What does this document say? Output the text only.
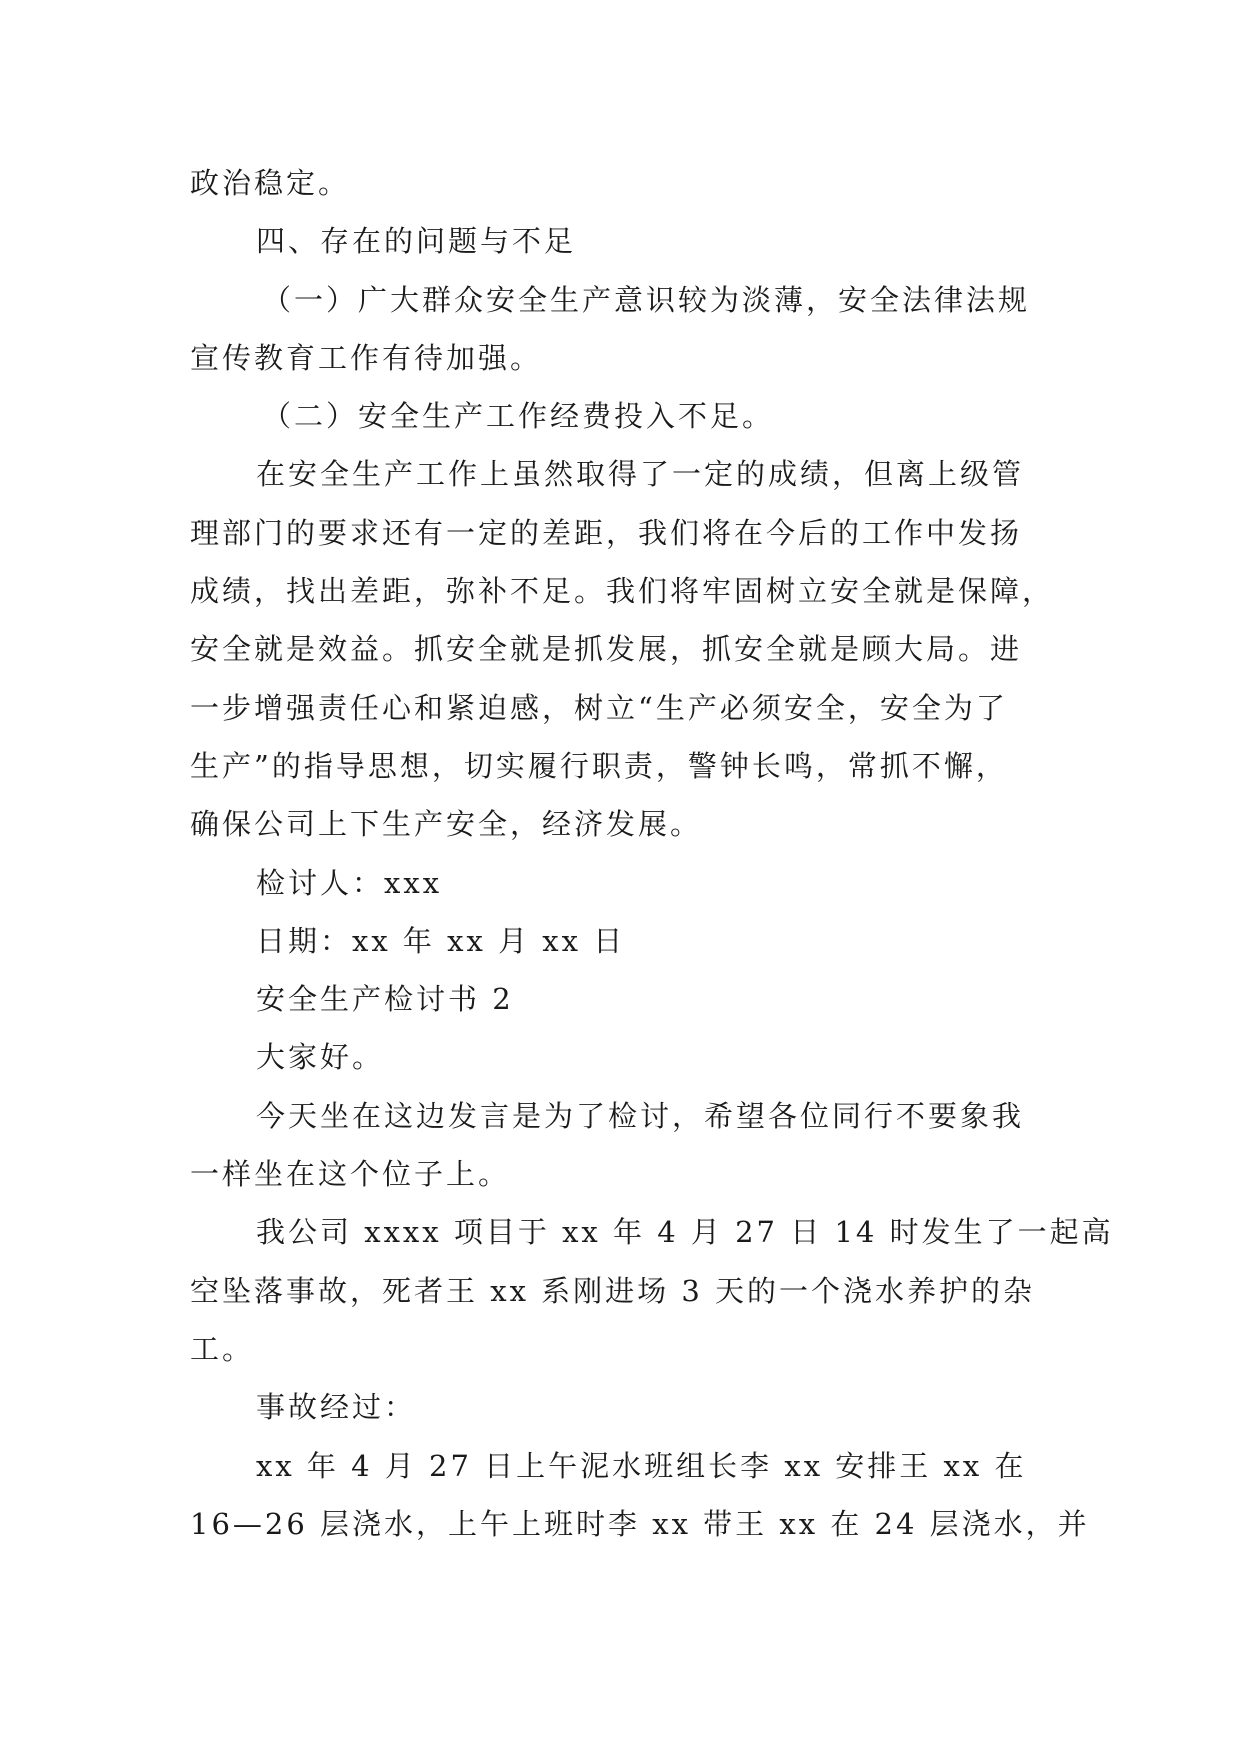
政治稳定。
四、存在的问题与不足
（一）广大群众安全生产意识较为淡薄，安全法律法规
宣传教育工作有待加强。
（二）安全生产工作经费投入不足。
在安全生产工作上虽然取得了一定的成绩，但离上级管
理部门的要求还有一定的差距，我们将在今后的工作中发扬
成绩，找出差距，弥补不足。我们将牢固树立安全就是保障，
安全就是效益。抓安全就是抓发展，抓安全就是顾大局。进
一步增强责任心和紧迫感，树立“生产必须安全，安全为了
生产”的指导思想，切实履行职责，警钟长鸣，常抓不懈，
确保公司上下生产安全，经济发展。
检讨人：xxx
日期：xx 年 xx 月 xx 日
安全生产检讨书 2
大家好。
今天坐在这边发言是为了检讨，希望各位同行不要象我
一样坐在这个位子上。
我公司 xxxx 项目于 xx 年 4 月 27 日 14 时发生了一起高
空坠落事故，死者王 xx 系刚进场 3 天的一个浇水养护的杂
工。
事故经过：
xx 年 4 月 27 日上午泥水班组长李 xx 安排王 xx 在
16—26 层浇水，上午上班时李 xx 带王 xx 在 24 层浇水，并
